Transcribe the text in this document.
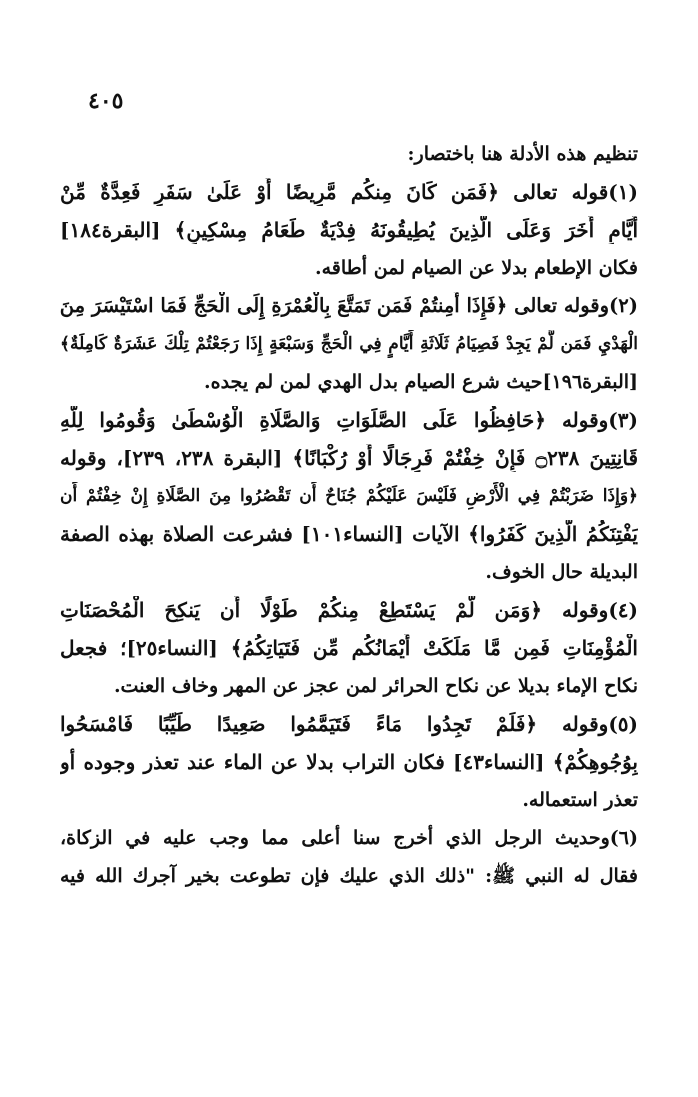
٤٠٥
تنظيم هذه الأدلة هنا باختصار:
(١)قوله تعالى ﴿فَمَن كَانَ مِنكُم مَّرِيضًا أَوْ عَلَىٰ سَفَرٍ فَعِدَّةٌ مِّنْ
أَيَّامٍ أُخَرَ وَعَلَى الَّذِينَ يُطِيقُونَهُ فِدْيَةٌ طَعَامُ مِسْكِينٍ﴾ [البقرة١٨٤]
فكان الإطعام بدلا عن الصيام لمن أطاقه.
(٢)وقوله تعالى ﴿فَإِذَا أَمِنتُمْ فَمَن تَمَتَّعَ بِالْعُمْرَةِ إِلَى الْحَجِّ فَمَا اسْتَيْسَرَ مِنَ
الْهَدْيِ فَمَن لَّمْ يَجِدْ فَصِيَامُ ثَلَاثَةِ أَيَّامٍ فِي الْحَجِّ وَسَبْعَةٍ إِذَا رَجَعْتُمْ تِلْكَ عَشَرَةٌ كَامِلَةٌ﴾
[البقرة١٩٦]حيث شرع الصيام بدل الهدي لمن لم يجده.
(٣)وقوله ﴿حَافِظُوا عَلَى الصَّلَوَاتِ وَالصَّلَاةِ الْوُسْطَىٰ وَقُومُوا لِلَّهِ
قَانِتِينَ ۝٢٣٨ فَإِنْ خِفْتُمْ فَرِجَالًا أَوْ رُكْبَانًا﴾ [البقرة ٢٣٨، ٢٣٩]، وقوله
﴿وَإِذَا ضَرَبْتُمْ فِي الْأَرْضِ فَلَيْسَ عَلَيْكُمْ جُنَاحٌ أَن تَقْصُرُوا مِنَ الصَّلَاةِ إِنْ خِفْتُمْ أَن
يَفْتِنَكُمُ الَّذِينَ كَفَرُوا﴾ الآيات [النساء١٠١] فشرعت الصلاة بهذه الصفة
البديلة حال الخوف.
(٤)وقوله ﴿وَمَن لَّمْ يَسْتَطِعْ مِنكُمْ طَوْلًا أَن يَنكِحَ الْمُحْصَنَاتِ
الْمُؤْمِنَاتِ فَمِن مَّا مَلَكَتْ أَيْمَانُكُم مِّن فَتَيَاتِكُمُ﴾ [النساء٢٥]؛ فجعل
نكاح الإماء بديلا عن نكاح الحرائر لمن عجز عن المهر وخاف العنت.
(٥)وقوله ﴿فَلَمْ تَجِدُوا مَاءً فَتَيَمَّمُوا صَعِيدًا طَيِّبًا فَامْسَحُوا
بِوُجُوهِكُمْ﴾ [النساء٤٣] فكان التراب بدلا عن الماء عند تعذر وجوده أو
تعذر استعماله.
(٦)وحديث الرجل الذي أخرج سنا أعلى مما وجب عليه في الزكاة،
فقال له النبي ﷺ: "ذلك الذي عليك فإن تطوعت بخير آجرك الله فيه
